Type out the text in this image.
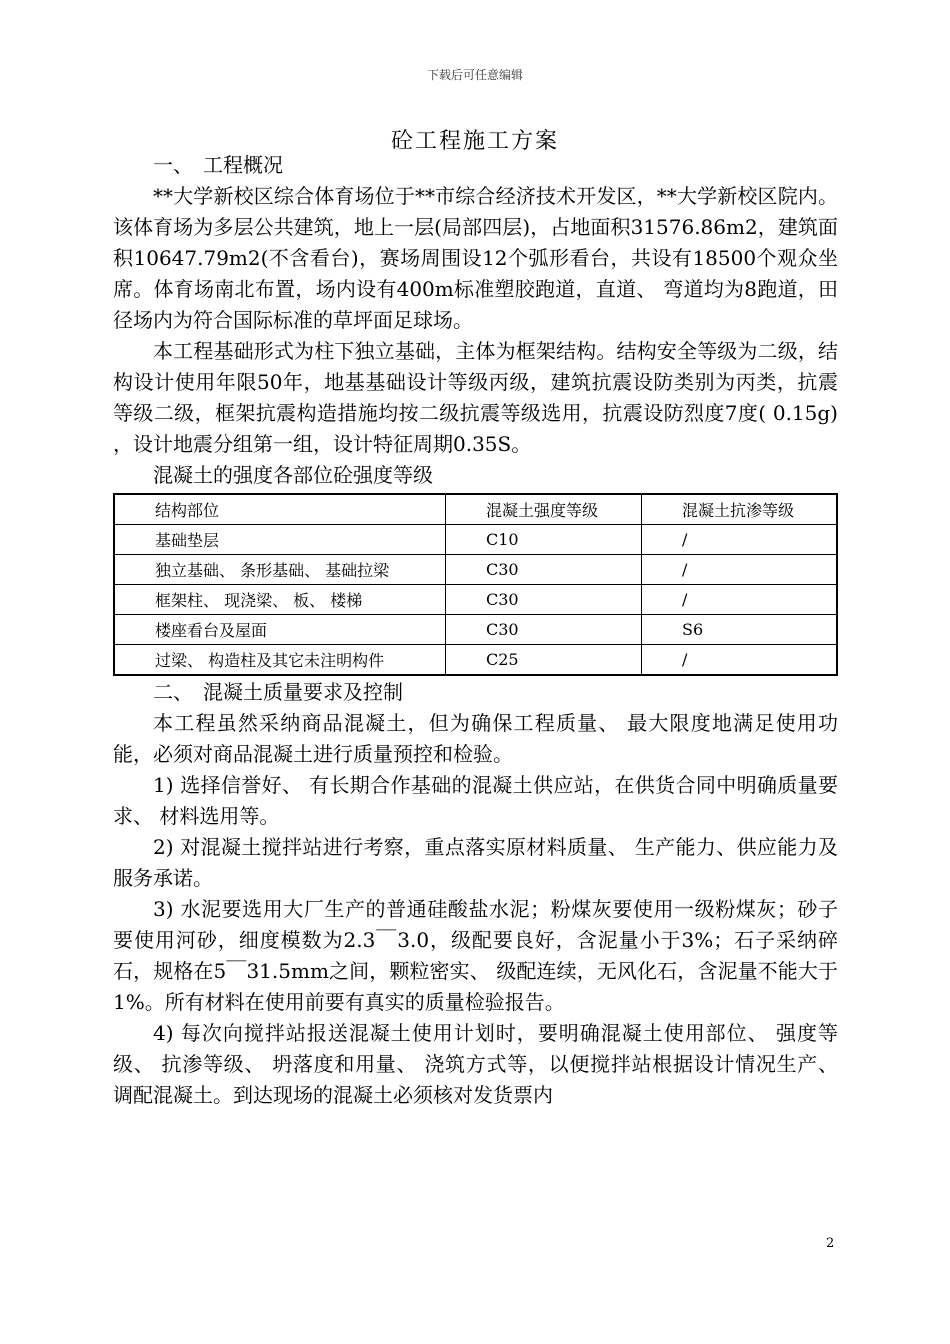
下载后可任意编辑
砼工程施工方案

一、　工程概况

**大学新校区综合体育场位于**市综合经济技术开发区，**大学新校区院内。该体育场为多层公共建筑，地上一层(局部四层)，占地面积31576.86m2，建筑面积10647.79m2(不含看台)，赛场周围设12个弧形看台，共设有18500个观众坐席。体育场南北布置，场内设有400m标准塑胶跑道，直道、 弯道均为8跑道，田径场内为符合国际标准的草坪面足球场。

本工程基础形式为柱下独立基础，主体为框架结构。结构安全等级为二级，结构设计使用年限50年，地基基础设计等级丙级，建筑抗震设防类别为丙类，抗震等级二级，框架抗震构造措施均按二级抗震等级选用，抗震设防烈度7度( 0.15g) ，设计地震分组第一组，设计特征周期0.35S。

混凝土的强度各部位砼强度等级

结构部位	混凝土强度等级	混凝土抗渗等级
基础垫层	C10	/
独立基础、 条形基础、 基础拉梁	C30	/
框架柱、 现浇梁、 板、 楼梯	C30	/
楼座看台及屋面	C30	S6
过梁、 构造柱及其它未注明构件	C25	/

二、　混凝土质量要求及控制

本工程虽然采纳商品混凝土，但为确保工程质量、 最大限度地满足使用功能，必须对商品混凝土进行质量预控和检验。

1) 选择信誉好、 有长期合作基础的混凝土供应站，在供货合同中明确质量要求、 材料选用等。

2) 对混凝土搅拌站进行考察，重点落实原材料质量、 生产能力、供应能力及服务承诺。

3) 水泥要选用大厂生产的普通硅酸盐水泥；粉煤灰要使用一级粉煤灰；砂子要使用河砂，细度模数为2.3￣3.0，级配要良好，含泥量小于3%；石子采纳碎石，规格在5￣31.5mm之间，颗粒密实、 级配连续，无风化石，含泥量不能大于1%。所有材料在使用前要有真实的质量检验报告。

4) 每次向搅拌站报送混凝土使用计划时，要明确混凝土使用部位、 强度等级、 抗渗等级、 坍落度和用量、 浇筑方式等，以便搅拌站根据设计情况生产、 调配混凝土。到达现场的混凝土必须核对发货票内

2
